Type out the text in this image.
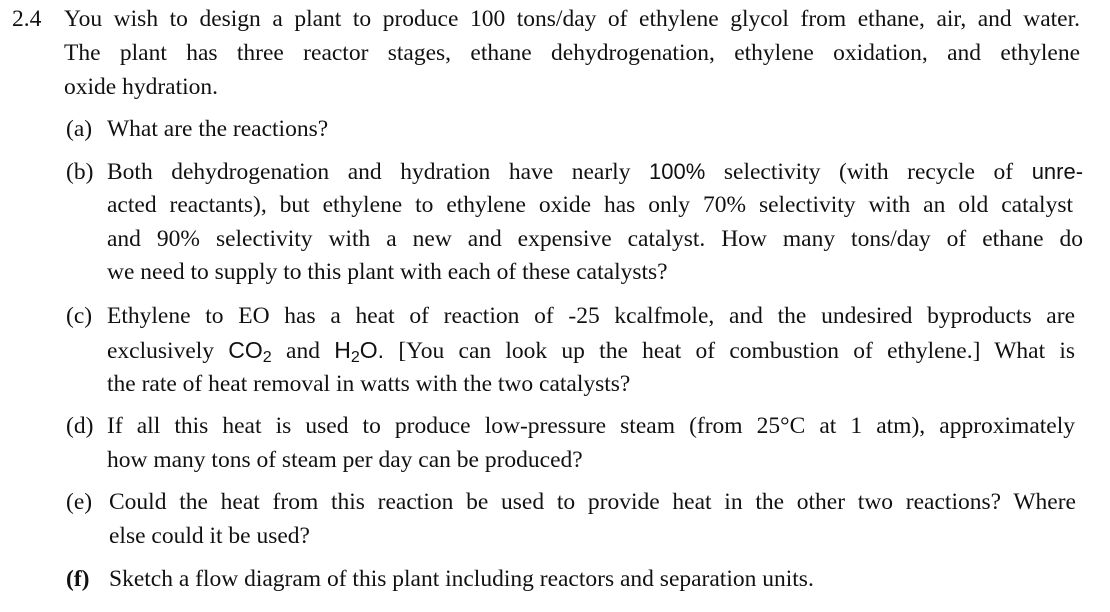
2.4 You wish to design a plant to produce 100 tons/day of ethylene glycol from ethane, air, and water.
The plant has three reactor stages, ethane dehydrogenation, ethylene oxidation, and ethylene
oxide hydration.
(a) What are the reactions?
(b) Both dehydrogenation and hydration have nearly 100% selectivity (with recycle of unre-
acted reactants), but ethylene to ethylene oxide has only 70% selectivity with an old catalyst
and 90% selectivity with a new and expensive catalyst. How many tons/day of ethane do
we need to supply to this plant with each of these catalysts?
(c) Ethylene to EO has a heat of reaction of -25 kcalfmole, and the undesired byproducts are
exclusively $CO_2$ and $H_2O$. [You can look up the heat of combustion of ethylene.] What is
the rate of heat removal in watts with the two catalysts?
(d) If all this heat is used to produce low-pressure steam (from 25°C at 1 atm), approximately
how many tons of steam per day can be produced?
(e) Could the heat from this reaction be used to provide heat in the other two reactions? Where
else could it be used?
(f) Sketch a flow diagram of this plant including reactors and separation units.
